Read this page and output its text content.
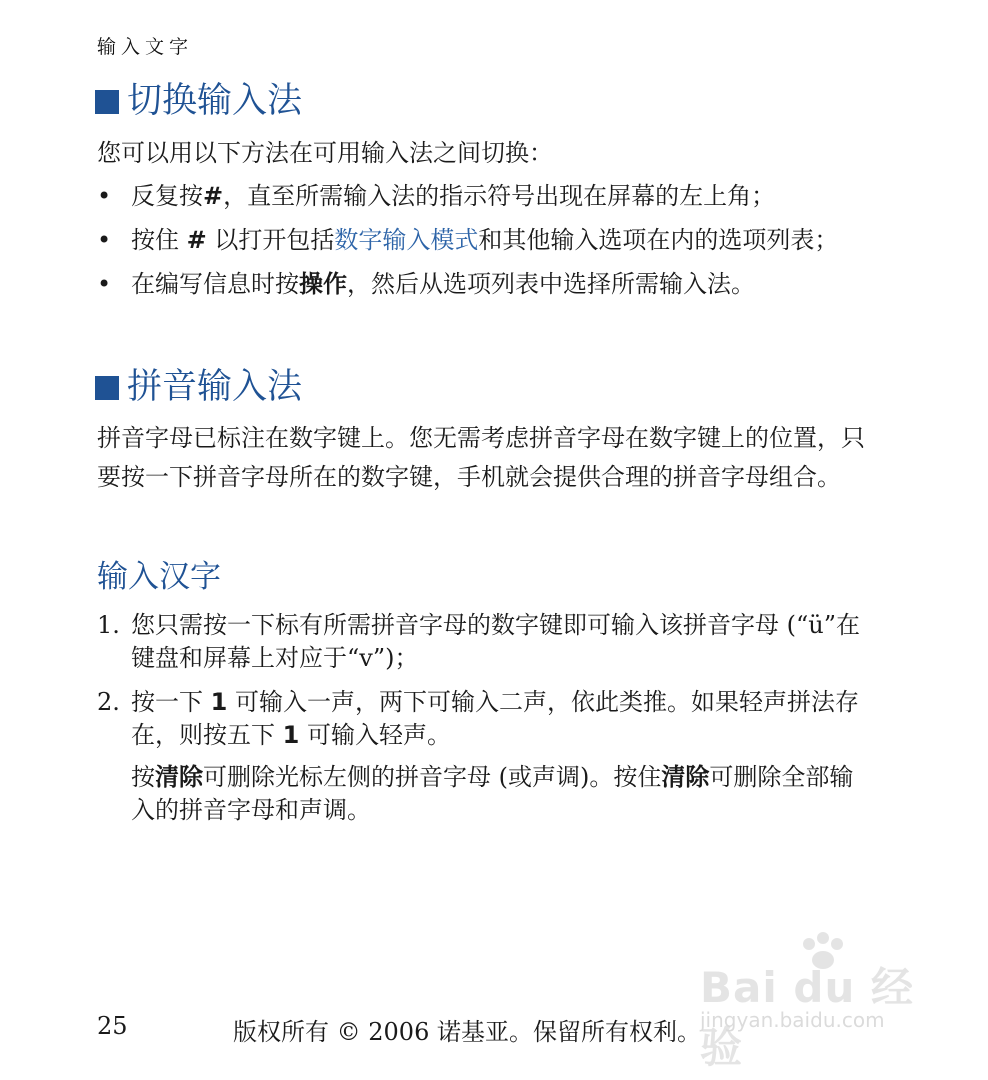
输入文字
切换输入法
您可以用以下方法在可用输入法之间切换：
• 反复按#，直至所需输入法的指示符号出现在屏幕的左上角；
• 按住 # 以打开包括数字输入模式和其他输入选项在内的选项列表；
• 在编写信息时按操作，然后从选项列表中选择所需输入法。
拼音输入法
拼音字母已标注在数字键上。您无需考虑拼音字母在数字键上的位置，只要按一下拼音字母所在的数字键，手机就会提供合理的拼音字母组合。
输入汉字
1. 您只需按一下标有所需拼音字母的数字键即可输入该拼音字母 (“ü”在键盘和屏幕上对应于“v”)；
2. 按一下 1 可输入一声，两下可输入二声，依此类推。如果轻声拼法存在，则按五下 1 可输入轻声。
按清除可删除光标左侧的拼音字母 (或声调)。按住清除可删除全部输入的拼音字母和声调。
25	版权所有 © 2006 诺基亚。保留所有权利。
Bai du 经验
jingyan.baidu.com
